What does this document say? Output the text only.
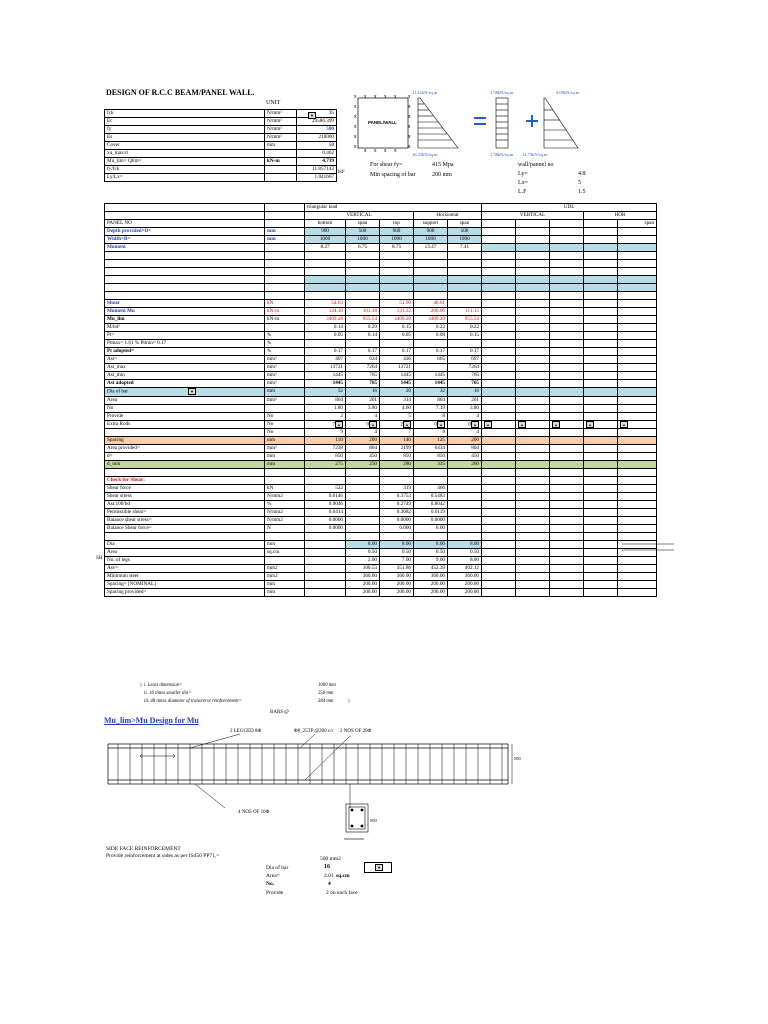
DESIGN OF R.C.C BEAM/PANEL WALL.
UNIT
fck	N/mm²	35
Ec	N/mm²	29580.399
fy	N/mm²	500
Es	N/mm²	210000
Cover	mm	50
xu_max/d		0.462
Mu_lim= Qlim=	kN-m	4.719
fy/fck		11.857143
Ly/Lx=		1.041667
bd²
▼
For shear fy=	415 Mpa
Min spacing of bar	200 mm
wall/pannel no
Ly=	4.8
Lx=	5
L.F	1.5
x
x
x
x
x
x
x
x
x
x
x
x
x x x x
x x x x
PANEL/WALL
11.61kN/sq.m
16.23kN/sq.m
1.58kN/sq.m
1.58kN/sq.m
0.00kN/sq.m
14.73kN/sq.m
		triangular load					UDL				
		VERTICAL			Horizontal		VERTICAL			HOR	
PANEL NO		bottom	span	top	support	span					span
Depth provided=D=	mm	900	500	900	900	500					
Width=B=	mm	1000	1000	1000	1000	1000					
Moment		8.27	6.75	8.75	13.47	7.41					

Shear	kN	54.63		51.90	46.61						
Moment Mu	kN-m	124.10	101.18	131.22	206.06	111.15					
Mu_lim	kN-m	3409.28	955.54	3409.28	3409.28	955.54					
M/bd²		0.14	0.29	0.15	0.23	0.22					
Pt=	%	0.05	0.14	0.05	0.08	0.15					
Ptmax= 1.61 % Ptmin= 0.17	%										
Pt adopted=	%	0.17	0.17	0.17	0.17	0.17					
Ast=	mm²	407	634	436	665	697					
Ast_max	mm²	13721	7264	13721		7264					
Ast_min	mm²	1445	765	1445	1445	765					
Ast adopted	mm²	1445	765	1445	1445	765					
Dia of bar ▼	mm	32	16	20	32	16					
Area	mm²	804	201	314	804	201					
No		1.80	3.80	4.60	7.19	3.80					
Provide	No	2	4	5	8	4					
Extra Rods	No	7 ▴	0 ▴	2 ▴	0 ▴	0 ▴	▴	▴	▴	▴	▴
	No	9	4	7	8	4					
Spacing	mm	110	200	140	125	200					
Area provided=	mm²	7238	804	2199	6434	804					
d=	mm	850	450	850	850	450					
d_min	mm	275	250	280	335	260					

Check for Shear:											
Shear force	kN	522		319	466						
Shear stress	N/mm2	0.6146		0.3753	0.5483						
Ast.100/bd	%	0.9046		0.2749	0.8042						
Permissible shear=	N/mm2	0.6414		0.3682	0.6119						
Balance shear stress=	N/mm2	0.0000		0.0000	0.0000						
Balance Shear force=	N	0.0000		0.000	0.00						

Dia	mm		8.00	8.00	8.00	8.00					
Area	sq.cm		0.50	0.50	0.50	0.50					
No. of legs			2.00	7.00	9.00	8.00					
Asv=	mm2		100.53	351.86	452.39	402.12					
Minimum steel	mm2		360.00	360.00	360.00	360.00					
Spacing= [NOMINAL]	mm		200.00	200.00	200.00	200.00					
Spacing provided=	mm		200.00	200.00	200.00	200.00					
SH
i. Least dimension=	1000 mm
ii. 16 times smaller dia=	256 mm
iii. 48 times diameter of transverse reinforcement=	384 mm
)
)
BARS @
Mu_lim>Mu Design for Mu
2 LEGGED 8Φ	Φ8_25TP @200 c/c 2 NOS OF 20Φ
4 NOS OF 16Φ
500
500
xxxxxxxxxx
SIDE FACE REINFORCEMENT
Provide reinforcement at sides as per IS456 PP71,=	500 mm2
Dia of bar	16	▼
Area=	2.01 sq.cm
No.	4
Provide	2 on each face
